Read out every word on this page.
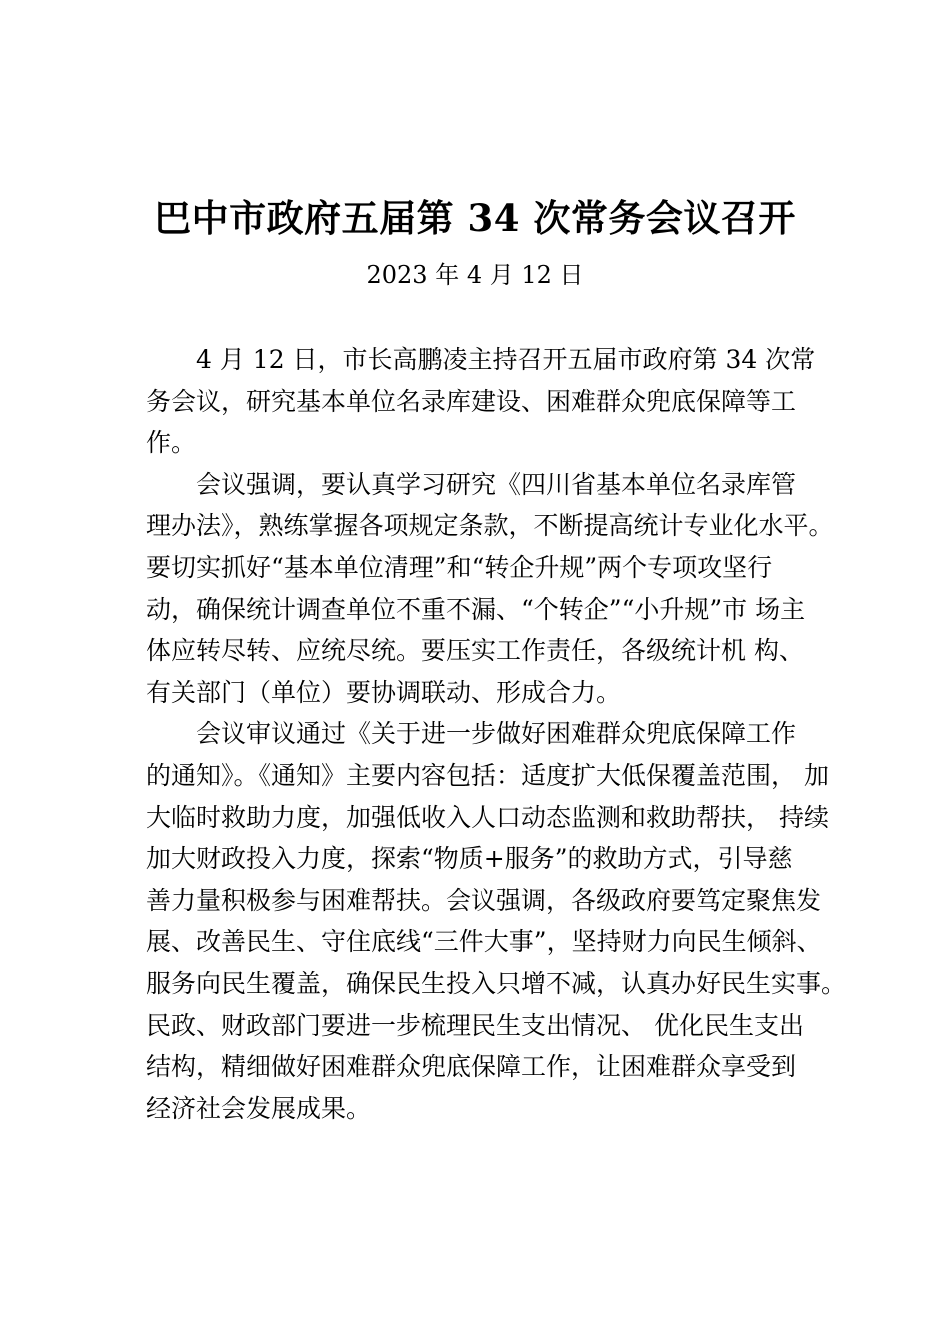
巴中市政府五届第 34 次常务会议召开
2023 年 4 月 12 日
4 月 12 日，市长高鹏凌主持召开五届市政府第 34 次常
务会议，研究基本单位名录库建设、困难群众兜底保障等工
作。
会议强调，要认真学习研究《四川省基本单位名录库管
理办法》，熟练掌握各项规定条款，不断提高统计专业化水平。
要切实抓好“基本单位清理”和“转企升规”两个专项攻坚行
动，确保统计调查单位不重不漏、“个转企”“小升规”市 场主
体应转尽转、应统尽统。要压实工作责任，各级统计机 构、
有关部门（单位）要协调联动、形成合力。
会议审议通过《关于进一步做好困难群众兜底保障工作
的通知》。《通知》主要内容包括：适度扩大低保覆盖范围， 加
大临时救助力度，加强低收入人口动态监测和救助帮扶， 持续
加大财政投入力度，探索“物质+服务”的救助方式，引导慈
善力量积极参与困难帮扶。会议强调，各级政府要笃定聚焦发
展、改善民生、守住底线“三件大事”，坚持财力向民生倾斜、
服务向民生覆盖，确保民生投入只增不减，认真办好民生实事。
民政、财政部门要进一步梳理民生支出情况、 优化民生支出
结构，精细做好困难群众兜底保障工作，让困难群众享受到
经济社会发展成果。
